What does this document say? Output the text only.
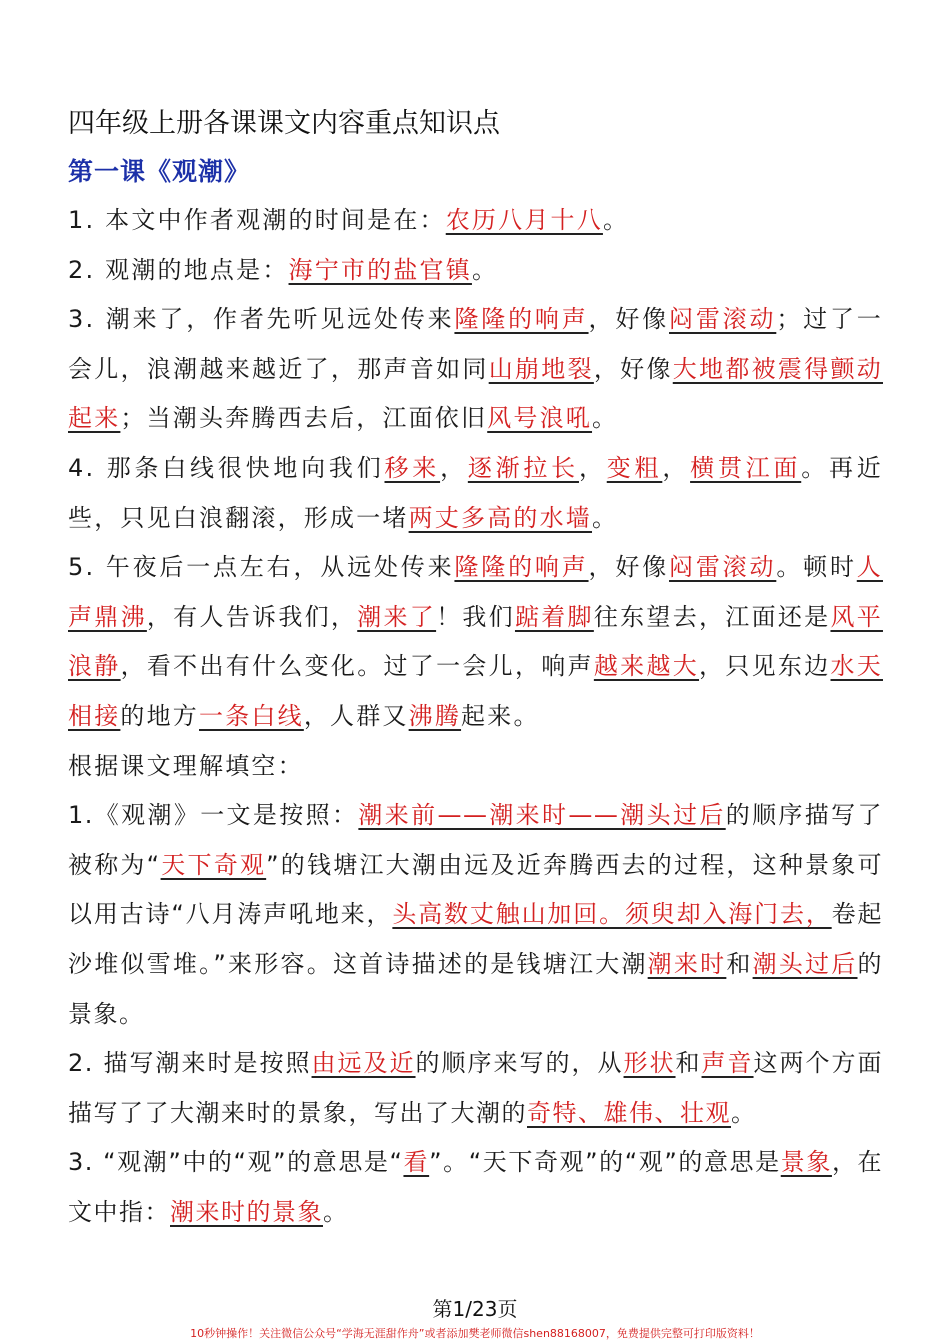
四年级上册各课课文内容重点知识点
第一课《观潮》

1. 本文中作者观潮的时间是在：农历八月十八。

2. 观潮的地点是：海宁市的盐官镇。

3. 潮来了，作者先听见远处传来隆隆的响声，好像闷雷滚动；过了一会儿，浪潮越来越近了，那声音如同山崩地裂，好像大地都被震得颤动起来；当潮头奔腾西去后，江面依旧风号浪吼。

4. 那条白线很快地向我们移来，逐渐拉长，变粗，横贯江面。再近些，只见白浪翻滚，形成一堵两丈多高的水墙。

5. 午夜后一点左右，从远处传来隆隆的响声，好像闷雷滚动。顿时人声鼎沸，有人告诉我们，潮来了！我们踮着脚往东望去，江面还是风平浪静，看不出有什么变化。过了一会儿，响声越来越大，只见东边水天相接的地方一条白线，人群又沸腾起来。

根据课文理解填空：

1.《观潮》一文是按照：潮来前——潮来时——潮头过后的顺序描写了被称为“天下奇观”的钱塘江大潮由远及近奔腾西去的过程，这种景象可以用古诗“八月涛声吼地来，头高数丈触山加回。须臾却入海门去，卷起沙堆似雪堆。”来形容。这首诗描述的是钱塘江大潮潮来时和潮头过后的景象。

2. 描写潮来时是按照由远及近的顺序来写的，从形状和声音这两个方面描写了了大潮来时的景象，写出了大潮的奇特、雄伟、壮观。

3. “观潮”中的“观”的意思是“看”。“天下奇观”的“观”的意思是景象，在文中指：潮来时的景象。

第1/23页
10秒钟操作！关注微信公众号“学海无涯甜作舟”或者添加樊老师微信shen88168007，免费提供完整可打印版资料！
